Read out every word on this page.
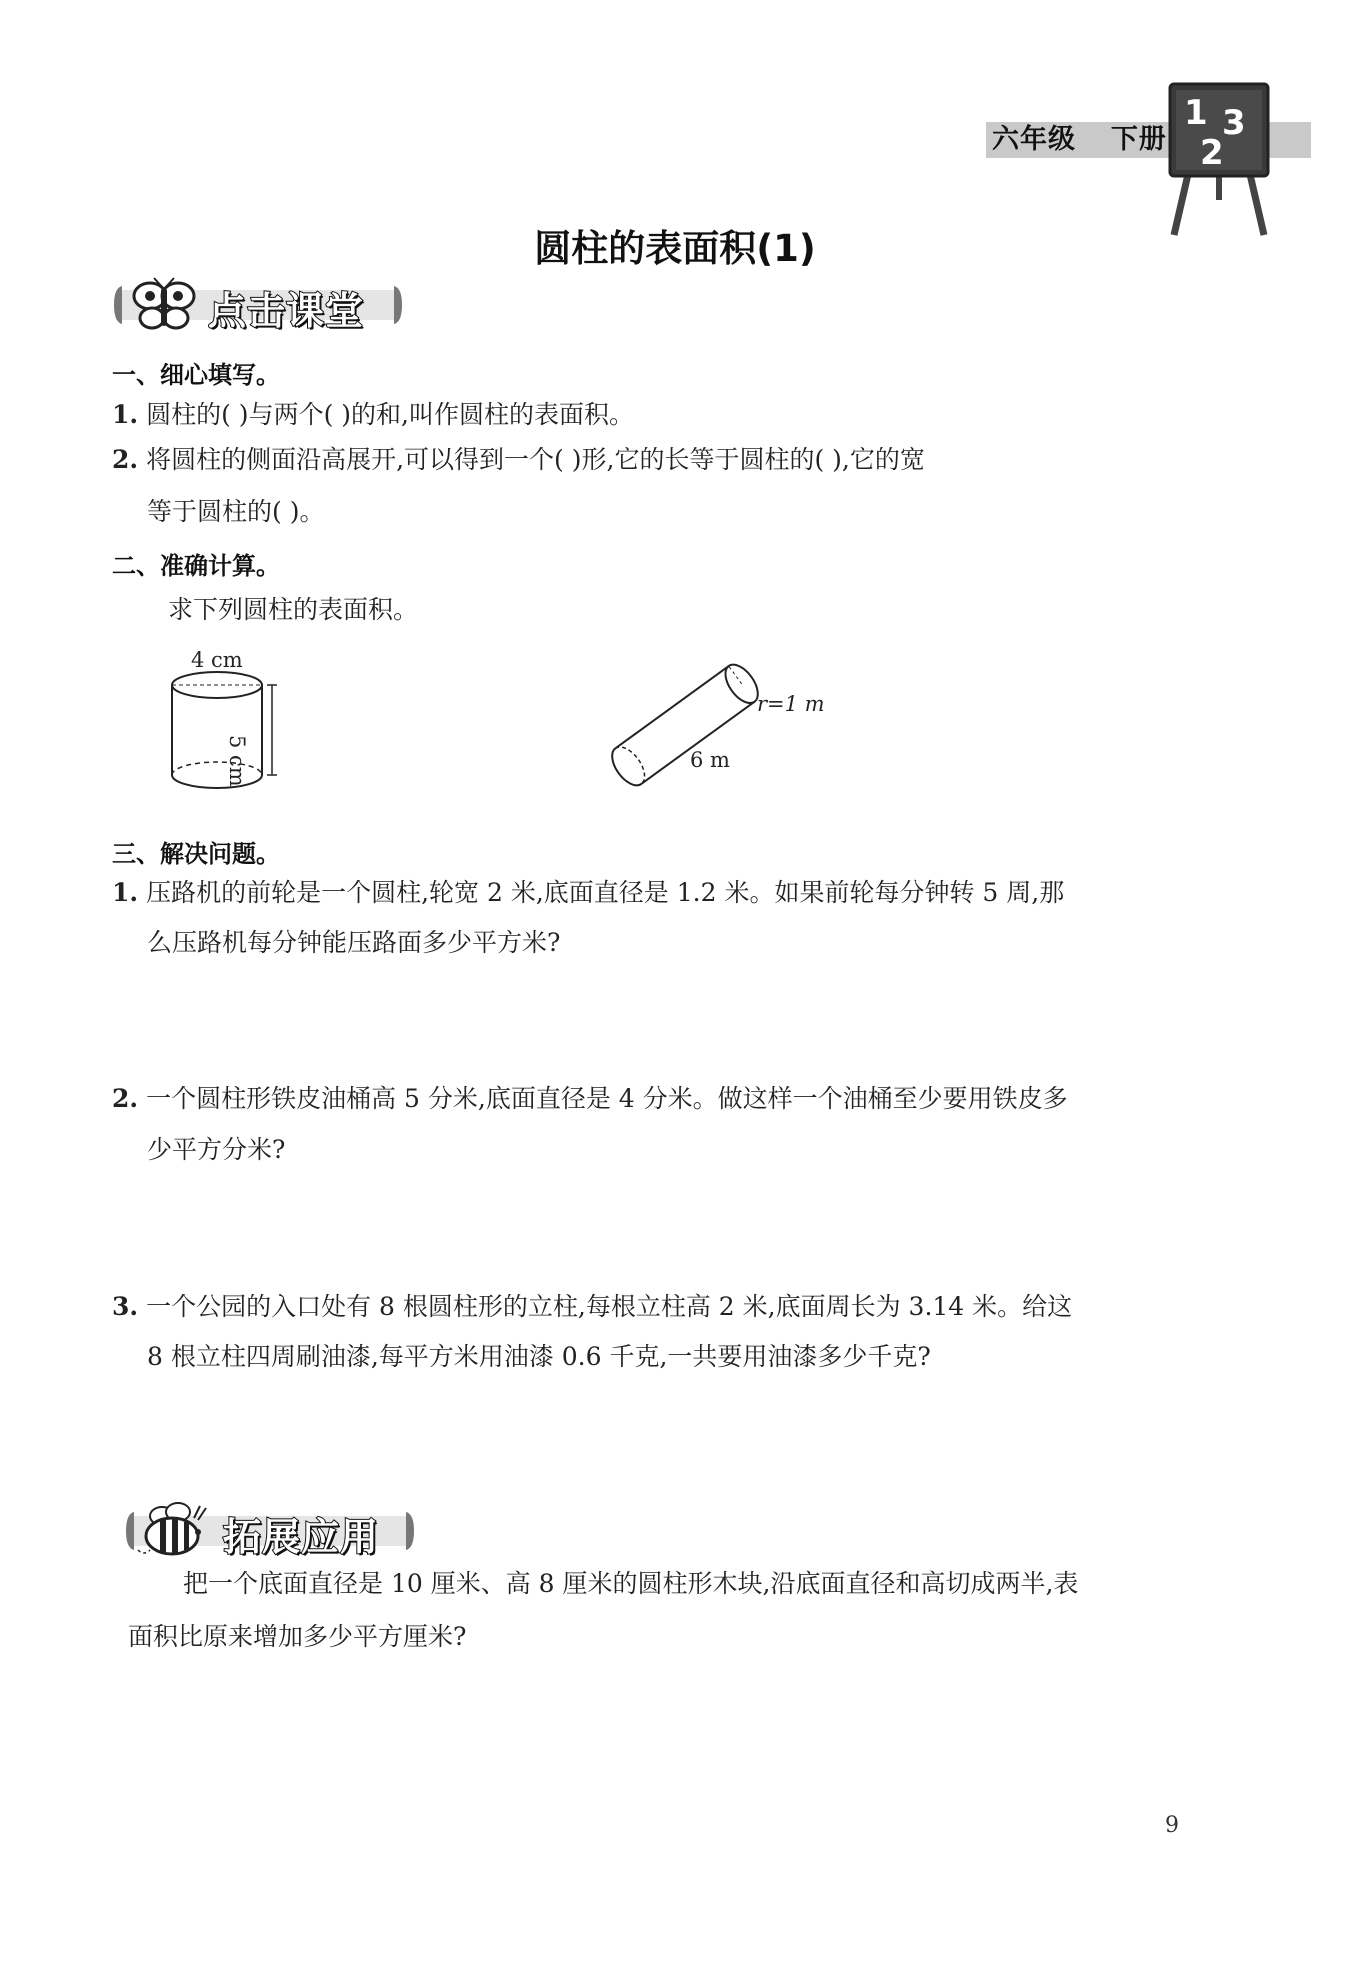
六年级 下册
1 3
2
圆柱的表面积(1)
点击课堂
一、细心填写。
1. 圆柱的( )与两个( )的和,叫作圆柱的表面积。
2. 将圆柱的侧面沿高展开,可以得到一个( )形,它的长等于圆柱的( ),它的宽
等于圆柱的( )。
二、准确计算。
求下列圆柱的表面积。
4 cm
5 cm
r=1 m
6 m
三、解决问题。
1. 压路机的前轮是一个圆柱,轮宽 2 米,底面直径是 1.2 米。如果前轮每分钟转 5 周,那
么压路机每分钟能压路面多少平方米?
2. 一个圆柱形铁皮油桶高 5 分米,底面直径是 4 分米。做这样一个油桶至少要用铁皮多
少平方分米?
3. 一个公园的入口处有 8 根圆柱形的立柱,每根立柱高 2 米,底面周长为 3.14 米。给这
8 根立柱四周刷油漆,每平方米用油漆 0.6 千克,一共要用油漆多少千克?
拓展应用
把一个底面直径是 10 厘米、高 8 厘米的圆柱形木块,沿底面直径和高切成两半,表
面积比原来增加多少平方厘米?
9
